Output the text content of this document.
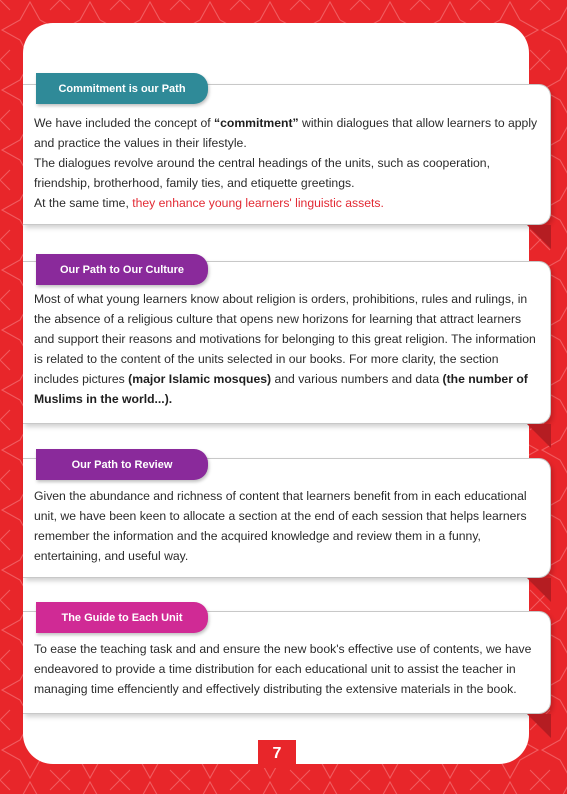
We have included the concept of “commitment” within dialogues that allow learners to apply and practice the values in their lifestyle.
The dialogues revolve around the central headings of the units, such as cooperation, friendship, brotherhood, family ties, and etiquette greetings.
At the same time, they enhance young learners' linguistic assets.
Commitment is our Path
Most of what young learners know about religion is orders, prohibitions, rules and rulings, in the absence of a religious culture that opens new horizons for learning that attract learners and support their reasons and motivations for belonging to this great religion. The information is related to the content of the units selected in our books. For more clarity, the section includes pictures (major Islamic mosques) and various numbers and data (the number of Muslims in the world...).
Our Path to Our Culture
Given the abundance and richness of content that learners benefit from in each educational unit, we have been keen to allocate a section at the end of each session that helps learners remember the information and the acquired knowledge and review them in a funny, entertaining, and useful way.
Our Path to Review
To ease the teaching task and and ensure the new book's effective use of contents, we have endeavored to provide a time distribution for each educational unit to assist the teacher in managing time effenciently and effectively distributing the extensive materials in the book.
The Guide to Each Unit
7
